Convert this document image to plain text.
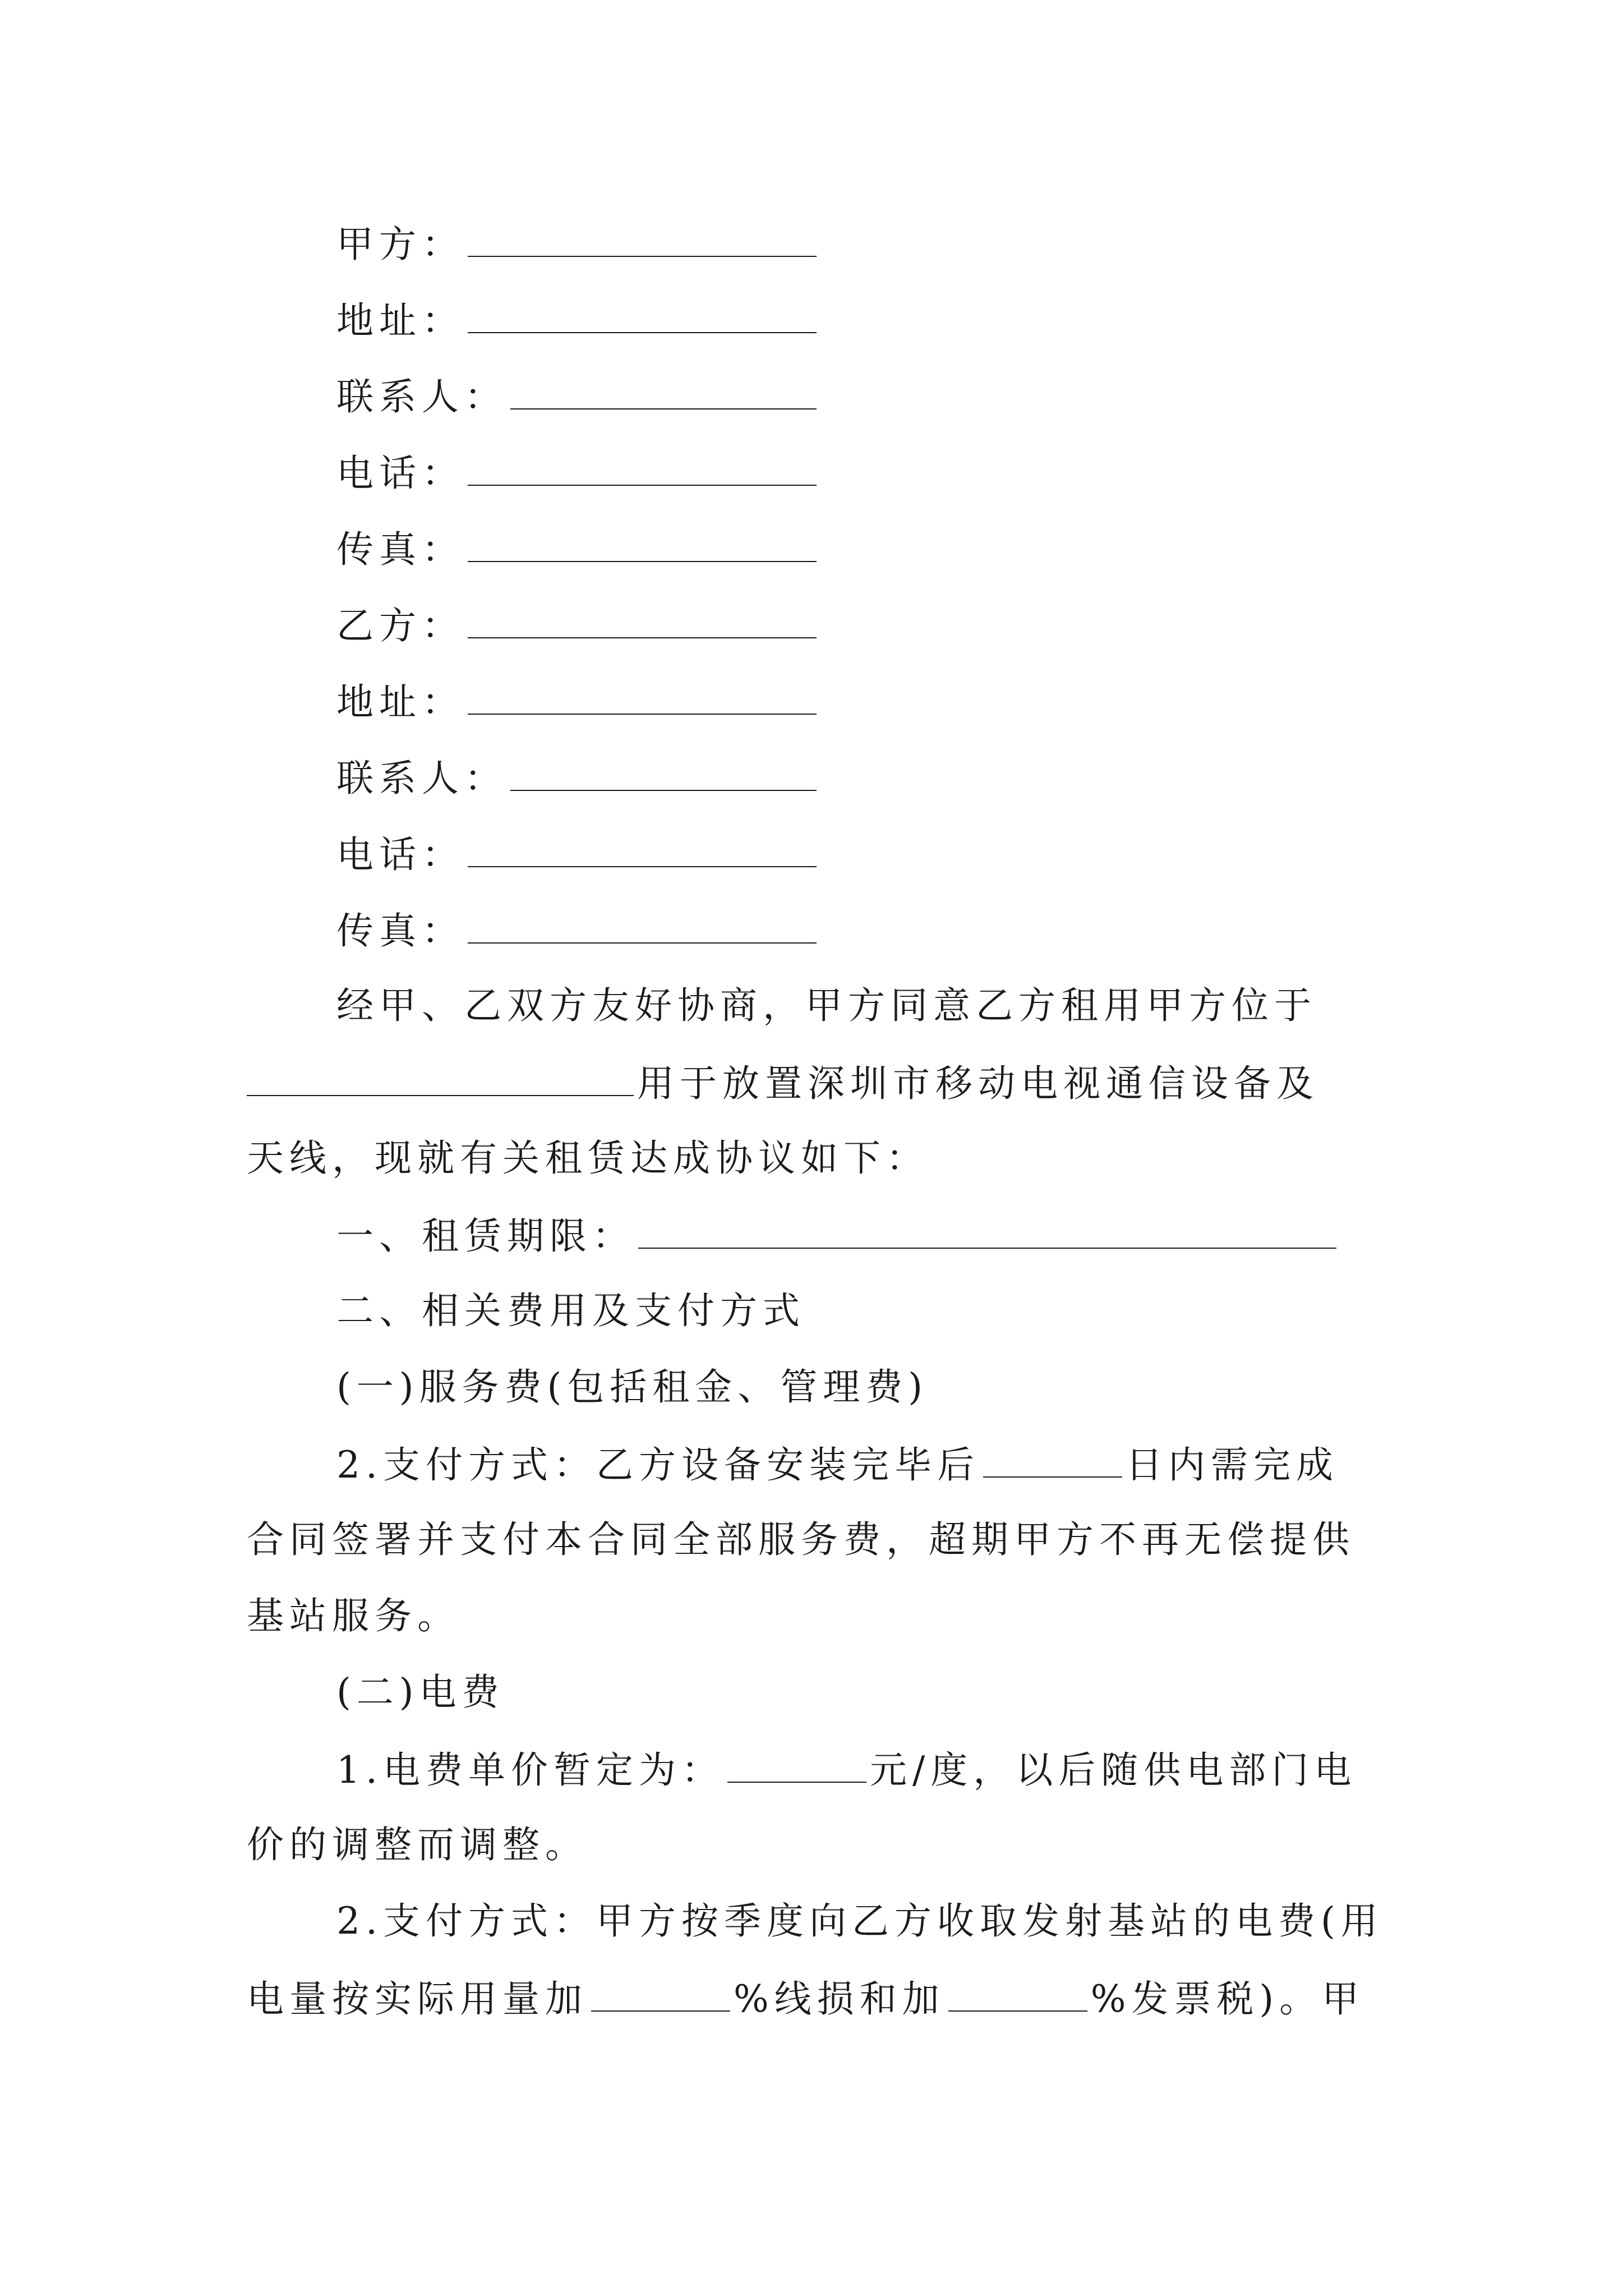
甲方：
地址：
联系人：
电话：
传真：
乙方：
地址：
联系人：
电话：
传真：
经甲、乙双方友好协商，甲方同意乙方租用甲方位于
用于放置深圳市移动电视通信设备及
天线，现就有关租赁达成协议如下：
一、租赁期限：
二、相关费用及支付方式
(一)服务费(包括租金、管理费)
2.支付方式：乙方设备安装完毕后	日内需完成
合同签署并支付本合同全部服务费，超期甲方不再无偿提供
基站服务。
(二)电费
1.电费单价暂定为：	元/度，以后随供电部门电
价的调整而调整。
2.支付方式：甲方按季度向乙方收取发射基站的电费(用
电量按实际用量加	%线损和加	%发票税)。甲
